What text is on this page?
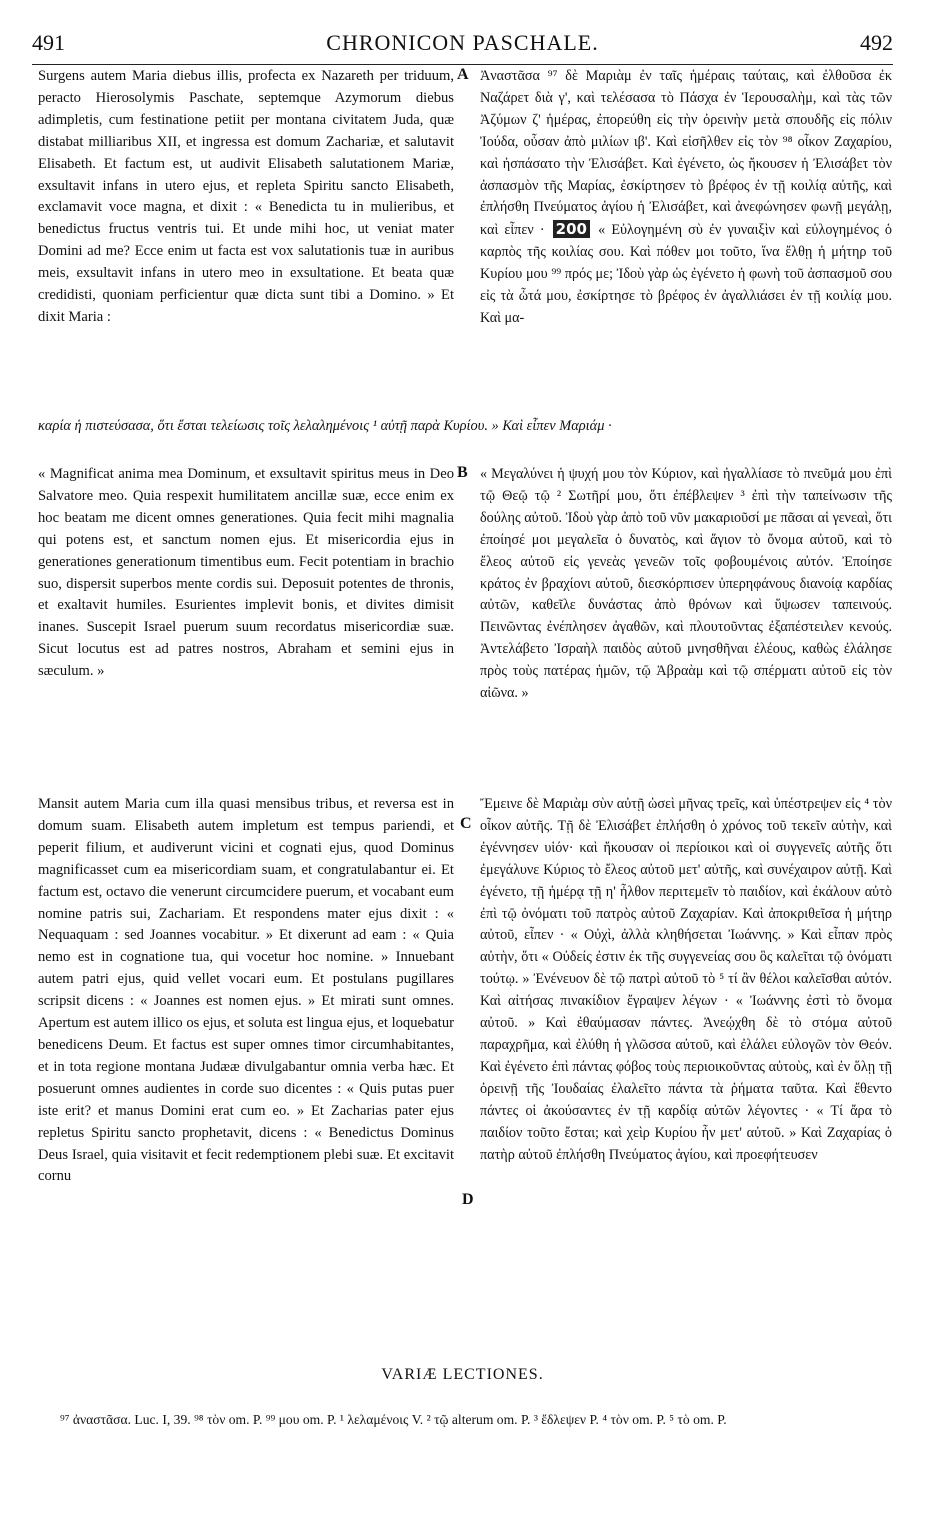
491	CHRONICON PASCHALE.	492
A
B
C
D

Surgens autem Maria diebus illis, profecta ex Nazareth per triduum, peracto Hierosolymis Paschate, septemque Azymorum diebus adimpletis, cum festinatione petiit per montana civitatem Juda, quæ distabat milliaribus XII, et ingressa est domum Zachariæ, et salutavit Elisabeth. Et factum est, ut audivit Elisabeth salutationem Mariæ, exsultavit infans in utero ejus, et repleta Spiritu sancto Elisabeth, exclamavit voce magna, et dixit : « Benedicta tu in mulieribus, et benedictus fructus ventris tui. Et unde mihi hoc, ut veniat mater Domini ad me? Ecce enim ut facta est vox salutationis tuæ in auribus meis, exsultavit infans in utero meo in exsultatione. Et beata quæ credidisti, quoniam perficientur quæ dicta sunt tibi a Domino. » Et dixit Maria :

Ἀναστᾶσα ⁹⁷ δὲ Μαριὰμ ἐν ταῖς ἡμέραις ταύταις, καὶ ἐλθοῦσα ἐκ Ναζάρετ διὰ γ', καὶ τελέσασα τὸ Πάσχα ἐν Ἱερουσαλὴμ, καὶ τὰς τῶν Ἀζύμων ζ' ἡμέρας, ἐπορεύθη εἰς τὴν ὀρεινὴν μετὰ σπουδῆς εἰς πόλιν Ἰούδα, οὖσαν ἀπὸ μιλίων ιβ'. Καὶ εἰσῆλθεν εἰς τὸν ⁹⁸ οἶκον Ζαχαρίου, καὶ ἠσπάσατο τὴν Ἐλισάβετ. Καὶ ἐγένετο, ὡς ἤκουσεν ἡ Ἐλισάβετ τὸν ἀσπασμὸν τῆς Μαρίας, ἐσκίρτησεν τὸ βρέφος ἐν τῇ κοιλίᾳ αὐτῆς, καὶ ἐπλήσθη Πνεύματος ἁγίου ἡ Ἐλισάβετ, καὶ ἀνεφώνησεν φωνῇ μεγάλῃ, καὶ εἶπεν · 200 « Εὐλογημένη σὺ ἐν γυναιξὶν καὶ εὐλογημένος ὁ καρπὸς τῆς κοιλίας σου. Καὶ πόθεν μοι τοῦτο, ἵνα ἔλθῃ ἡ μήτηρ τοῦ Κυρίου μου ⁹⁹ πρός με; Ἰδοὺ γὰρ ὡς ἐγένετο ἡ φωνὴ τοῦ ἀσπασμοῦ σου εἰς τὰ ὦτά μου, ἐσκίρτησε τὸ βρέφος ἐν ἀγαλλιάσει ἐν τῇ κοιλίᾳ μου. Καὶ μα-

καρία ἡ πιστεύσασα, ὅτι ἔσται τελείωσις τοῖς λελαλημένοις ¹ αὐτῇ παρὰ Κυρίου. » Καὶ εἶπεν Μαριάμ ·

« Magnificat anima mea Dominum, et exsultavit spiritus meus in Deo Salvatore meo. Quia respexit humilitatem ancillæ suæ, ecce enim ex hoc beatam me dicent omnes generationes. Quia fecit mihi magnalia qui potens est, et sanctum nomen ejus. Et misericordia ejus in generationes generationum timentibus eum. Fecit potentiam in brachio suo, dispersit superbos mente cordis sui. Deposuit potentes de thronis, et exaltavit humiles. Esurientes implevit bonis, et divites dimisit inanes. Suscepit Israel puerum suum recordatus misericordiæ suæ. Sicut locutus est ad patres nostros, Abraham et semini ejus in sæculum. »

« Μεγαλύνει ἡ ψυχή μου τὸν Κύριον, καὶ ἠγαλλίασε τὸ πνεῦμά μου ἐπὶ τῷ Θεῷ τῷ ² Σωτῆρί μου, ὅτι ἐπέβλεψεν ³ ἐπὶ τὴν ταπείνωσιν τῆς δούλης αὐτοῦ. Ἰδοὺ γὰρ ἀπὸ τοῦ νῦν μακαριοῦσί με πᾶσαι αἱ γενεαὶ, ὅτι ἐποίησέ μοι μεγαλεῖα ὁ δυνατὸς, καὶ ἅγιον τὸ ὄνομα αὐτοῦ, καὶ τὸ ἔλεος αὐτοῦ εἰς γενεὰς γενεῶν τοῖς φοβουμένοις αὐτόν. Ἐποίησε κράτος ἐν βραχίονι αὐτοῦ, διεσκόρπισεν ὑπερηφάνους διανοίᾳ καρδίας αὐτῶν, καθεῖλε δυνάστας ἀπὸ θρόνων καὶ ὕψωσεν ταπεινούς. Πεινῶντας ἐνέπλησεν ἀγαθῶν, καὶ πλουτοῦντας ἐξαπέστειλεν κενούς. Ἀντελάβετο Ἰσραὴλ παιδὸς αὐτοῦ μνησθῆναι ἐλέους, καθὼς ἐλάλησε πρὸς τοὺς πατέρας ἡμῶν, τῷ Ἀβραὰμ καὶ τῷ σπέρματι αὐτοῦ εἰς τὸν αἰῶνα. »

Mansit autem Maria cum illa quasi mensibus tribus, et reversa est in domum suam. Elisabeth autem impletum est tempus pariendi, et peperit filium, et audiverunt vicini et cognati ejus, quod Dominus magnificasset cum ea misericordiam suam, et congratulabantur ei. Et factum est, octavo die venerunt circumcidere puerum, et vocabant eum nomine patris sui, Zachariam. Et respondens mater ejus dixit : « Nequaquam : sed Joannes vocabitur. » Et dixerunt ad eam : « Quia nemo est in cognatione tua, qui vocetur hoc nomine. » Innuebant autem patri ejus, quid vellet vocari eum. Et postulans pugillares scripsit dicens : « Joannes est nomen ejus. » Et mirati sunt omnes. Apertum est autem illico os ejus, et soluta est lingua ejus, et loquebatur benedicens Deum. Et factus est super omnes timor circumhabitantes, et in tota regione montana Judææ divulgabantur omnia verba hæc. Et posuerunt omnes audientes in corde suo dicentes : « Quis putas puer iste erit? et manus Domini erat cum eo. » Et Zacharias pater ejus repletus Spiritu sancto prophetavit, dicens : « Benedictus Dominus Deus Israel, quia visitavit et fecit redemptionem plebi suæ. Et excitavit cornu

Ἔμεινε δὲ Μαριὰμ σὺν αὐτῇ ὡσεὶ μῆνας τρεῖς, καὶ ὑπέστρεψεν εἰς ⁴ τὸν οἶκον αὐτῆς. Τῇ δὲ Ἐλισάβετ ἐπλήσθη ὁ χρόνος τοῦ τεκεῖν αὐτὴν, καὶ ἐγέννησεν υἱόν· καὶ ἤκουσαν οἱ περίοικοι καὶ οἱ συγγενεῖς αὐτῆς ὅτι ἐμεγάλυνε Κύριος τὸ ἔλεος αὐτοῦ μετ' αὐτῆς, καὶ συνέχαιρον αὐτῇ. Καὶ ἐγένετο, τῇ ἡμέρᾳ τῇ η' ἦλθον περιτεμεῖν τὸ παιδίον, καὶ ἐκάλουν αὐτὸ ἐπὶ τῷ ὀνόματι τοῦ πατρὸς αὐτοῦ Ζαχαρίαν. Καὶ ἀποκριθεῖσα ἡ μήτηρ αὐτοῦ, εἶπεν · « Οὐχὶ, ἀλλὰ κληθήσεται Ἰωάννης. » Καὶ εἶπαν πρὸς αὐτὴν, ὅτι « Οὐδείς ἐστιν ἐκ τῆς συγγενείας σου ὃς καλεῖται τῷ ὀνόματι τούτῳ. » Ἐνένευον δὲ τῷ πατρὶ αὐτοῦ τὸ ⁵ τί ἂν θέλοι καλεῖσθαι αὐτόν. Καὶ αἰτήσας πινακίδιον ἔγραψεν λέγων · « Ἰωάννης ἐστὶ τὸ ὄνομα αὐτοῦ. » Καὶ ἐθαύμασαν πάντες. Ἀνεῴχθη δὲ τὸ στόμα αὐτοῦ παραχρῆμα, καὶ ἐλύθη ἡ γλῶσσα αὐτοῦ, καὶ ἐλάλει εὐλογῶν τὸν Θεόν. Καὶ ἐγένετο ἐπὶ πάντας φόβος τοὺς περιοικοῦντας αὐτοὺς, καὶ ἐν ὅλῃ τῇ ὀρεινῇ τῆς Ἰουδαίας ἐλαλεῖτο πάντα τὰ ῥήματα ταῦτα. Καὶ ἔθεντο πάντες οἱ ἀκούσαντες ἐν τῇ καρδίᾳ αὐτῶν λέγοντες · « Τί ἄρα τὸ παιδίον τοῦτο ἔσται; καὶ χεὶρ Κυρίου ἦν μετ' αὐτοῦ. » Καὶ Ζαχαρίας ὁ πατὴρ αὐτοῦ ἐπλήσθη Πνεύματος ἁγίου, καὶ προεφήτευσεν

VARIÆ LECTIONES.
⁹⁷ ἀναστᾶσα. Luc. I, 39. ⁹⁸ τὸν om. P. ⁹⁹ μου om. P. ¹ λελαμένοις V. ² τῷ alterum om. P. ³ ἔδλεψεν P. ⁴ τὸν om. P. ⁵ τὸ om. P.
